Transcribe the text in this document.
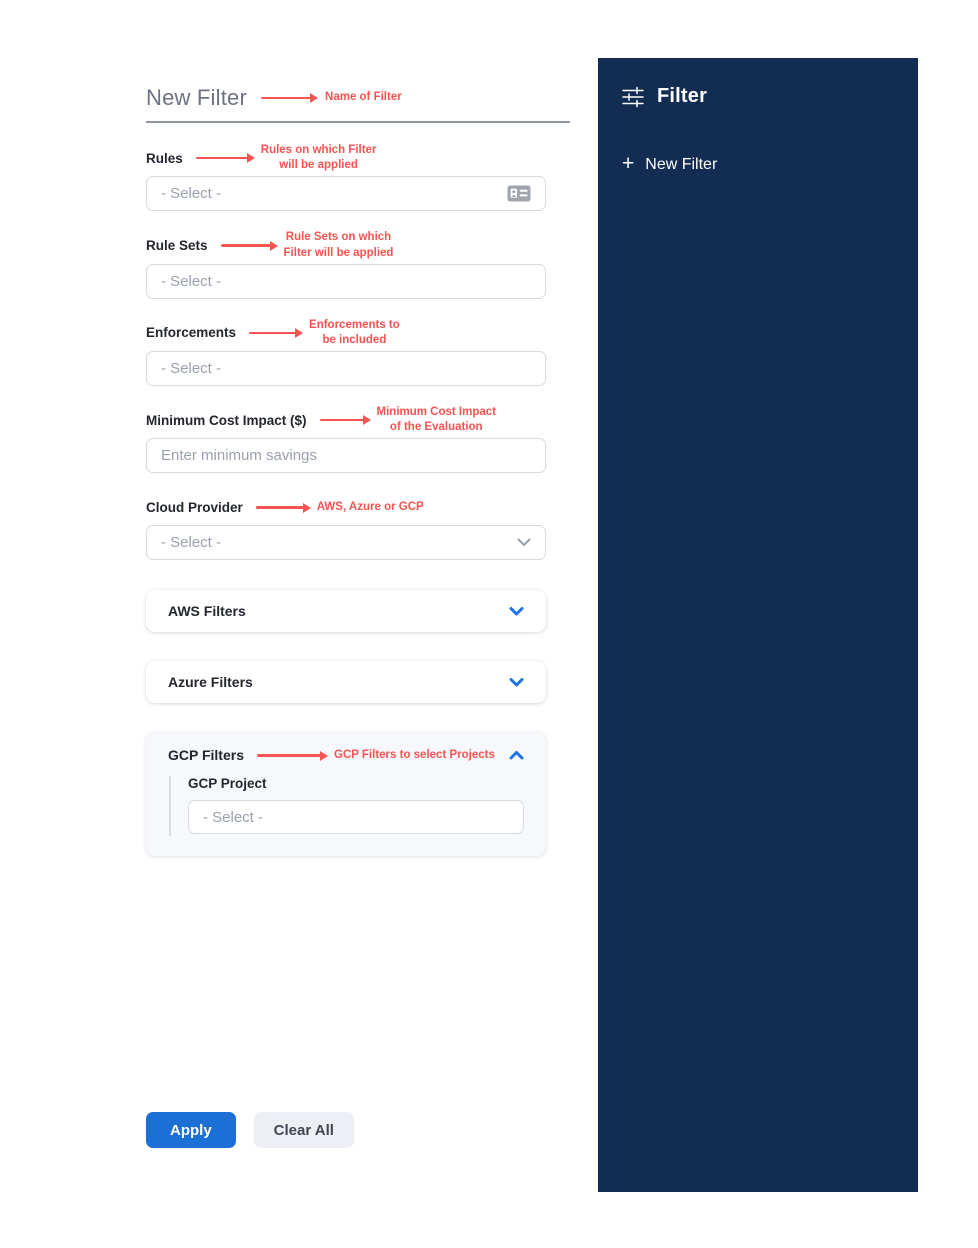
New Filter	Name of Filter
Rules
Rules on which Filter
will be applied
- Select -
Rule Sets
Rule Sets on which
Filter will be applied
- Select -
Enforcements
Enforcements to
be included
- Select -
Minimum Cost Impact ($)
Minimum Cost Impact
of the Evaluation
Enter minimum savings
Cloud Provider	AWS, Azure or GCP
- Select -
AWS Filters
Azure Filters
GCP Filters	GCP Filters to select Projects
GCP Project
- Select -
Apply	Clear All
Filter
+ New Filter
